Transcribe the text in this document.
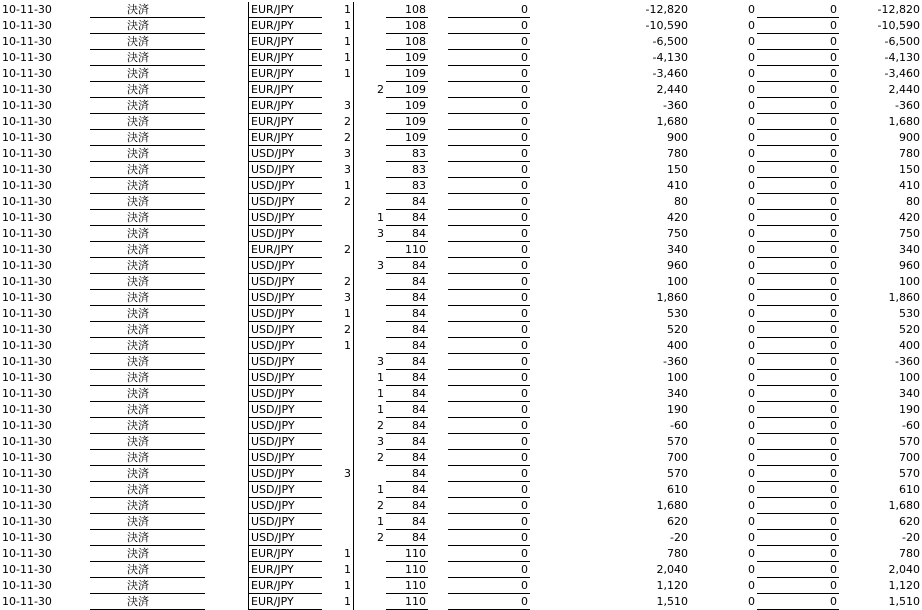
10-11-30	決済	EUR/JPY	1	108	0	-12,820	0	0	-12,820
10-11-30	決済	EUR/JPY	1	108	0	-10,590	0	0	-10,590
10-11-30	決済	EUR/JPY	1	108	0	-6,500	0	0	-6,500
10-11-30	決済	EUR/JPY	1	109	0	-4,130	0	0	-4,130
10-11-30	決済	EUR/JPY	1	109	0	-3,460	0	0	-3,460
10-11-30	決済	EUR/JPY	2	109	0	2,440	0	0	2,440
10-11-30	決済	EUR/JPY	3	109	0	-360	0	0	-360
10-11-30	決済	EUR/JPY	2	109	0	1,680	0	0	1,680
10-11-30	決済	EUR/JPY	2	109	0	900	0	0	900
10-11-30	決済	USD/JPY	3	83	0	780	0	0	780
10-11-30	決済	USD/JPY	3	83	0	150	0	0	150
10-11-30	決済	USD/JPY	1	83	0	410	0	0	410
10-11-30	決済	USD/JPY	2	84	0	80	0	0	80
10-11-30	決済	USD/JPY	1	84	0	420	0	0	420
10-11-30	決済	USD/JPY	3	84	0	750	0	0	750
10-11-30	決済	EUR/JPY	2	110	0	340	0	0	340
10-11-30	決済	USD/JPY	3	84	0	960	0	0	960
10-11-30	決済	USD/JPY	2	84	0	100	0	0	100
10-11-30	決済	USD/JPY	3	84	0	1,860	0	0	1,860
10-11-30	決済	USD/JPY	1	84	0	530	0	0	530
10-11-30	決済	USD/JPY	2	84	0	520	0	0	520
10-11-30	決済	USD/JPY	1	84	0	400	0	0	400
10-11-30	決済	USD/JPY	3	84	0	-360	0	0	-360
10-11-30	決済	USD/JPY	1	84	0	100	0	0	100
10-11-30	決済	USD/JPY	1	84	0	340	0	0	340
10-11-30	決済	USD/JPY	1	84	0	190	0	0	190
10-11-30	決済	USD/JPY	2	84	0	-60	0	0	-60
10-11-30	決済	USD/JPY	3	84	0	570	0	0	570
10-11-30	決済	USD/JPY	2	84	0	700	0	0	700
10-11-30	決済	USD/JPY	3	84	0	570	0	0	570
10-11-30	決済	USD/JPY	1	84	0	610	0	0	610
10-11-30	決済	USD/JPY	2	84	0	1,680	0	0	1,680
10-11-30	決済	USD/JPY	1	84	0	620	0	0	620
10-11-30	決済	USD/JPY	2	84	0	-20	0	0	-20
10-11-30	決済	EUR/JPY	1	110	0	780	0	0	780
10-11-30	決済	EUR/JPY	1	110	0	2,040	0	0	2,040
10-11-30	決済	EUR/JPY	1	110	0	1,120	0	0	1,120
10-11-30	決済	EUR/JPY	1	110	0	1,510	0	0	1,510
